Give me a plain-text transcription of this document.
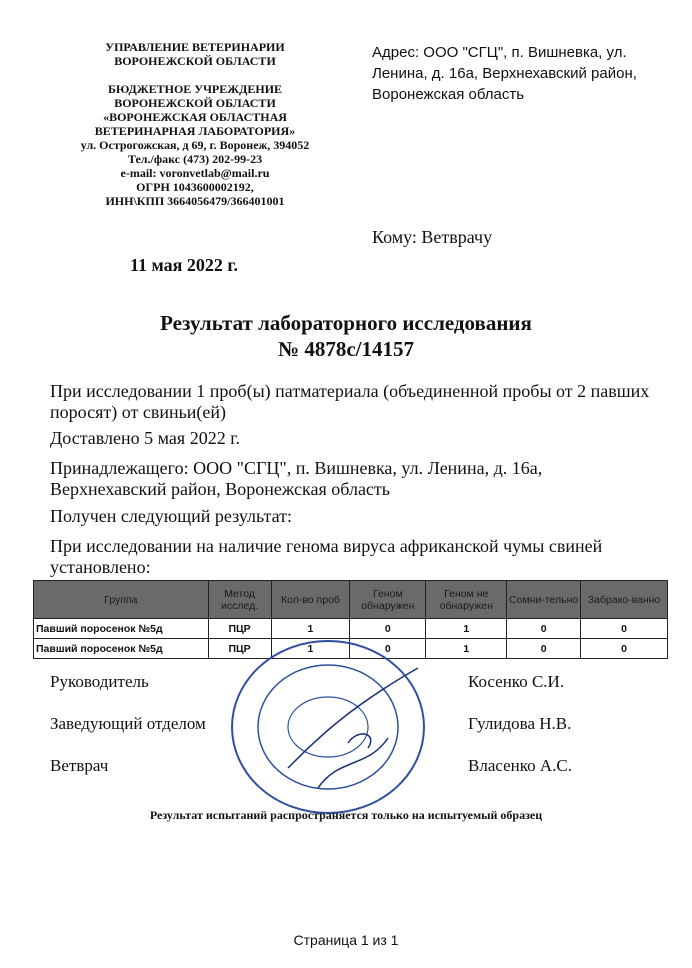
УПРАВЛЕНИЕ ВЕТЕРИНАРИИ
ВОРОНЕЖСКОЙ ОБЛАСТИ
БЮДЖЕТНОЕ УЧРЕЖДЕНИЕ
ВОРОНЕЖСКОЙ ОБЛАСТИ
«ВОРОНЕЖСКАЯ ОБЛАСТНАЯ
ВЕТЕРИНАРНАЯ ЛАБОРАТОРИЯ»
ул. Острогожская, д 69, г. Воронеж, 394052
Тел./факс (473) 202-99-23
e-mail: voronvetlab@mail.ru
ОГРН 1043600002192,
ИНН\КПП 3664056479/366401001
Адрес: ООО "СГЦ", п. Вишневка, ул. Ленина, д. 16а, Верхнехавский район, Воронежская область
Кому: Ветврачу
11 мая 2022 г.
Результат лабораторного исследования
№ 4878с/14157
При исследовании 1 проб(ы) патматериала (объединенной пробы от 2 павших поросят) от свиньи(ей)
Доставлено 5 мая 2022 г.
Принадлежащего: ООО "СГЦ", п. Вишневка, ул. Ленина, д. 16а, Верхнехавский район, Воронежская область
Получен следующий результат:
При исследовании на наличие генома вируса африканской чумы свиней установлено:
Группа	Метод исслед.	Кол-во проб	Геном обнаружен	Геном не обнаружен	Сомни-тельно	Забрако-ванно
Павший поросенок №5д	ПЦР	1	0	1	0	0
Павший поросенок №5д	ПЦР	1	0	1	0	0
Руководитель	Косенко С.И.
Заведующий отделом	Гулидова Н.В.
Ветврач	Власенко А.С.
Результат испытаний распространяется только на испытуемый образец
Страница 1 из 1
